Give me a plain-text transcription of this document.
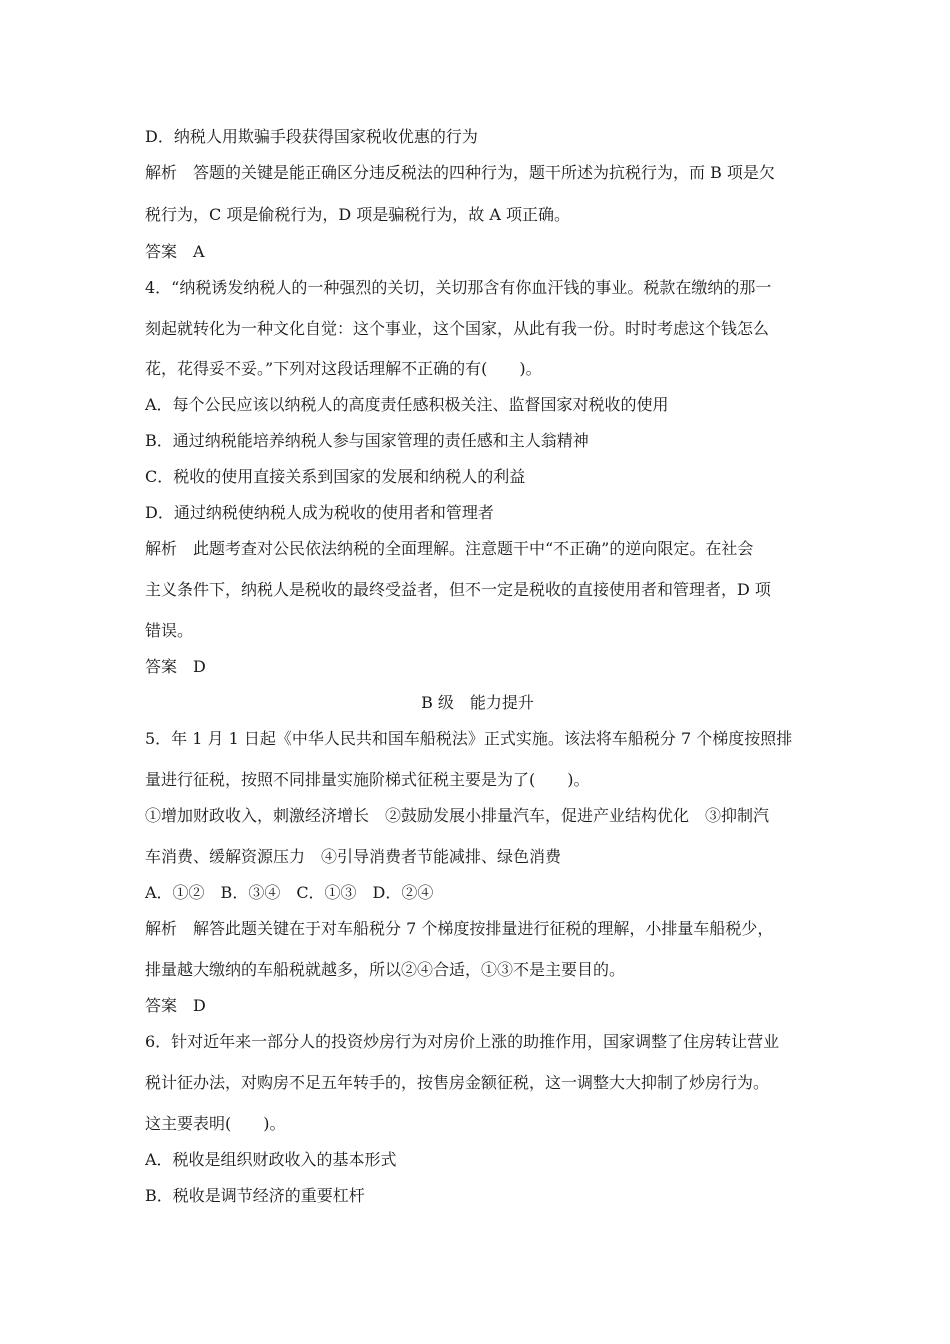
D．纳税人用欺骗手段获得国家税收优惠的行为
解析　答题的关键是能正确区分违反税法的四种行为，题干所述为抗税行为，而 B 项是欠
税行为，C 项是偷税行为，D 项是骗税行为，故 A 项正确。
答案　A
4．“纳税诱发纳税人的一种强烈的关切，关切那含有你血汗钱的事业。税款在缴纳的那一
刻起就转化为一种文化自觉：这个事业，这个国家，从此有我一份。时时考虑这个钱怎么
花，花得妥不妥。”下列对这段话理解不正确的有(　　)。
A．每个公民应该以纳税人的高度责任感积极关注、监督国家对税收的使用
B．通过纳税能培养纳税人参与国家管理的责任感和主人翁精神
C．税收的使用直接关系到国家的发展和纳税人的利益
D．通过纳税使纳税人成为税收的使用者和管理者
解析　此题考查对公民依法纳税的全面理解。注意题干中“不正确”的逆向限定。在社会
主义条件下，纳税人是税收的最终受益者，但不一定是税收的直接使用者和管理者，D 项
错误。
答案　D
B 级　能力提升
5．年 1 月 1 日起《中华人民共和国车船税法》正式实施。该法将车船税分 7 个梯度按照排
量进行征税，按照不同排量实施阶梯式征税主要是为了(　　)。
①增加财政收入，刺激经济增长　②鼓励发展小排量汽车，促进产业结构优化　③抑制汽
车消费、缓解资源压力　④引导消费者节能减排、绿色消费
A．①②　B．③④　C．①③　D．②④
解析　解答此题关键在于对车船税分 7 个梯度按排量进行征税的理解，小排量车船税少，
排量越大缴纳的车船税就越多，所以②④合适，①③不是主要目的。
答案　D
6．针对近年来一部分人的投资炒房行为对房价上涨的助推作用，国家调整了住房转让营业
税计征办法，对购房不足五年转手的，按售房金额征税，这一调整大大抑制了炒房行为。
这主要表明(　　)。
A．税收是组织财政收入的基本形式
B．税收是调节经济的重要杠杆
